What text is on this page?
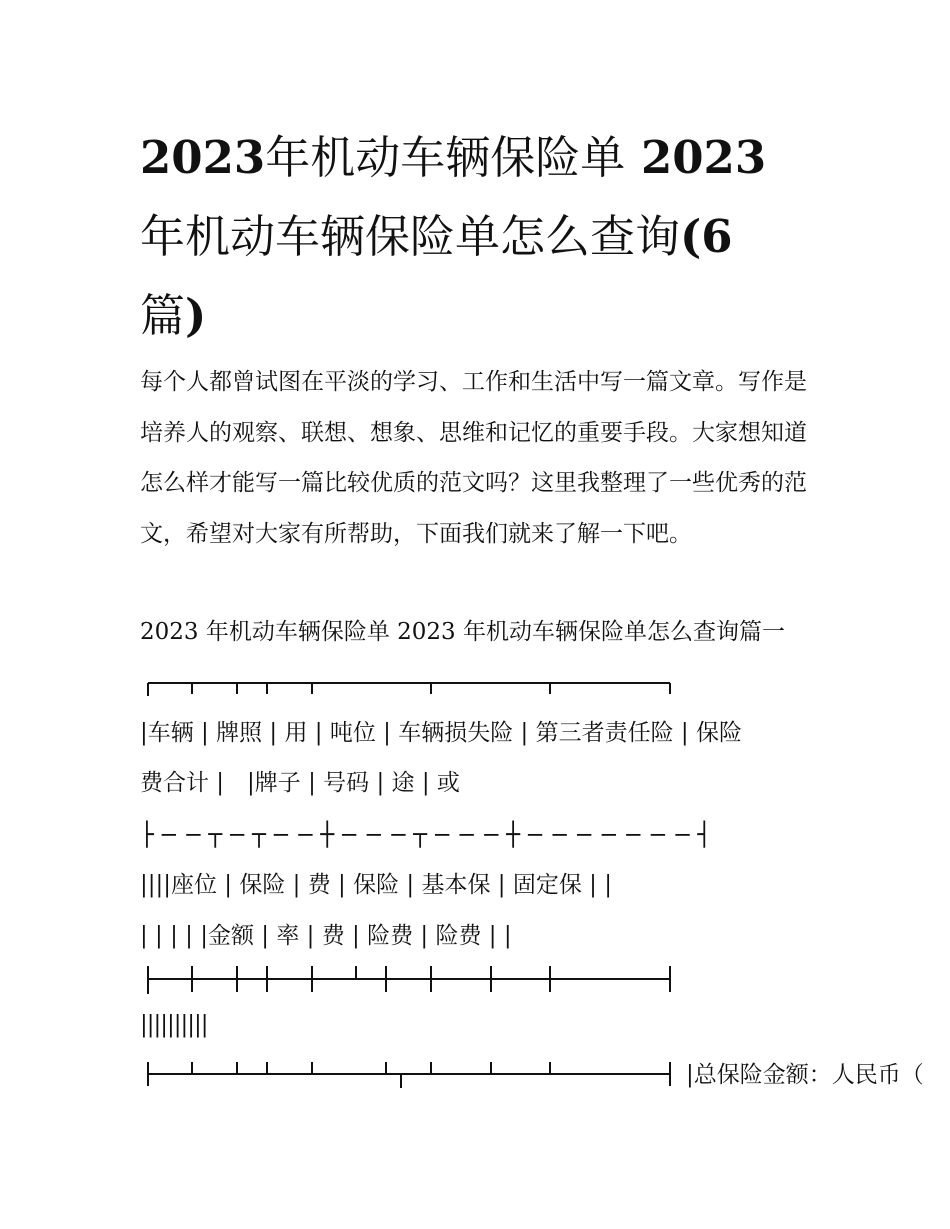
2023年机动车辆保险单 2023
年机动车辆保险单怎么查询(6
篇)

每个人都曾试图在平淡的学习、工作和生活中写一篇文章。写作是培养人的观察、联想、想象、思维和记忆的重要手段。大家想知道怎么样才能写一篇比较优质的范文吗？这里我整理了一些优秀的范文，希望对大家有所帮助，下面我们就来了解一下吧。

2023 年机动车辆保险单 2023 年机动车辆保险单怎么查询篇一

|车辆 | 牌照 | 用 | 吨位 | 车辆损失险 | 第三者责任险 | 保险

费合计 |　|牌子 | 号码 | 途 | 或

├ − − ┬ − ┬ − − ┼ − − − ┬ − − − ┼ − − − − − − − ┤

||||座位 | 保险 | 费 | 保险 | 基本保 | 固定保 | |

| | | | |金额 | 率 | 费 | 险费 | 险费 | |

||||||||||

|总保险金额：人民币（
